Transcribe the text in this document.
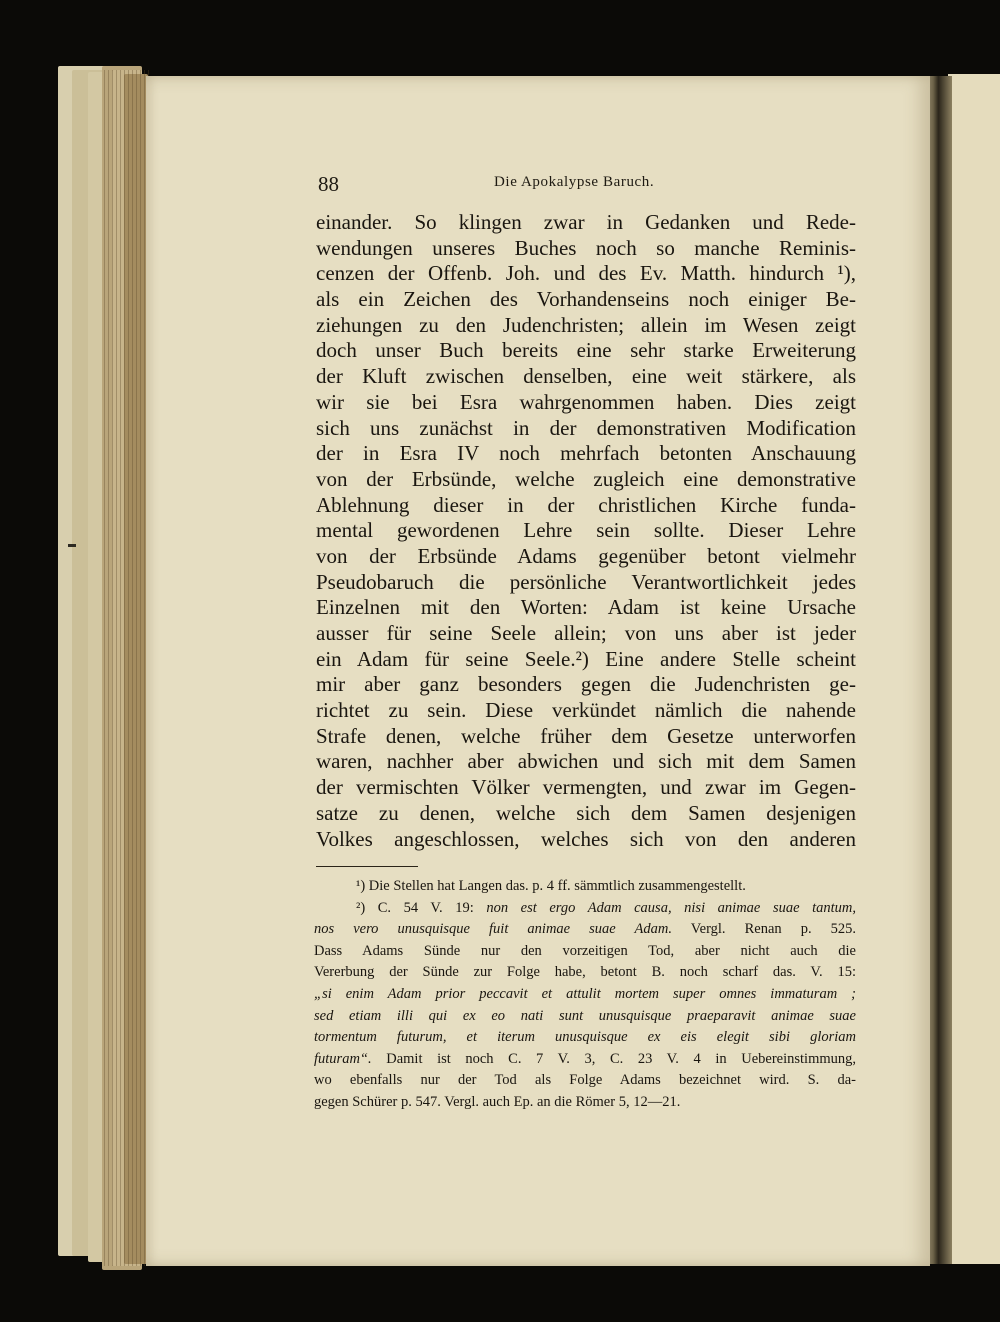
88	Die Apokalypse Baruch.
einander. So klingen zwar in Gedanken und Rede-
wendungen unseres Buches noch so manche Reminis-
cenzen der Offenb. Joh. und des Ev. Matth. hindurch ¹),
als ein Zeichen des Vorhandenseins noch einiger Be-
ziehungen zu den Judenchristen; allein im Wesen zeigt
doch unser Buch bereits eine sehr starke Erweiterung
der Kluft zwischen denselben, eine weit stärkere, als
wir sie bei Esra wahrgenommen haben. Dies zeigt
sich uns zunächst in der demonstrativen Modification
der in Esra IV noch mehrfach betonten Anschauung
von der Erbsünde, welche zugleich eine demonstrative
Ablehnung dieser in der christlichen Kirche funda-
mental gewordenen Lehre sein sollte. Dieser Lehre
von der Erbsünde Adams gegenüber betont vielmehr
Pseudobaruch die persönliche Verantwortlichkeit jedes
Einzelnen mit den Worten: Adam ist keine Ursache
ausser für seine Seele allein; von uns aber ist jeder
ein Adam für seine Seele.²) Eine andere Stelle scheint
mir aber ganz besonders gegen die Judenchristen ge-
richtet zu sein. Diese verkündet nämlich die nahende
Strafe denen, welche früher dem Gesetze unterworfen
waren, nachher aber abwichen und sich mit dem Samen
der vermischten Völker vermengten, und zwar im Gegen-
satze zu denen, welche sich dem Samen desjenigen
Volkes angeschlossen, welches sich von den anderen
¹) Die Stellen hat Langen das. p. 4 ff. sämmtlich zusammengestellt.
²) C. 54 V. 19: non est ergo Adam causa, nisi animae suae tantum,
nos vero unusquisque fuit animae suae Adam. Vergl. Renan p. 525.
Dass Adams Sünde nur den vorzeitigen Tod, aber nicht auch die
Vererbung der Sünde zur Folge habe, betont B. noch scharf das. V. 15:
„si enim Adam prior peccavit et attulit mortem super omnes immaturam ;
sed etiam illi qui ex eo nati sunt unusquisque praeparavit animae suae
tormentum futurum, et iterum unusquisque ex eis elegit sibi gloriam
futuram“. Damit ist noch C. 7 V. 3, C. 23 V. 4 in Uebereinstimmung,
wo ebenfalls nur der Tod als Folge Adams bezeichnet wird. S. da-
gegen Schürer p. 547. Vergl. auch Ep. an die Römer 5, 12—21.
